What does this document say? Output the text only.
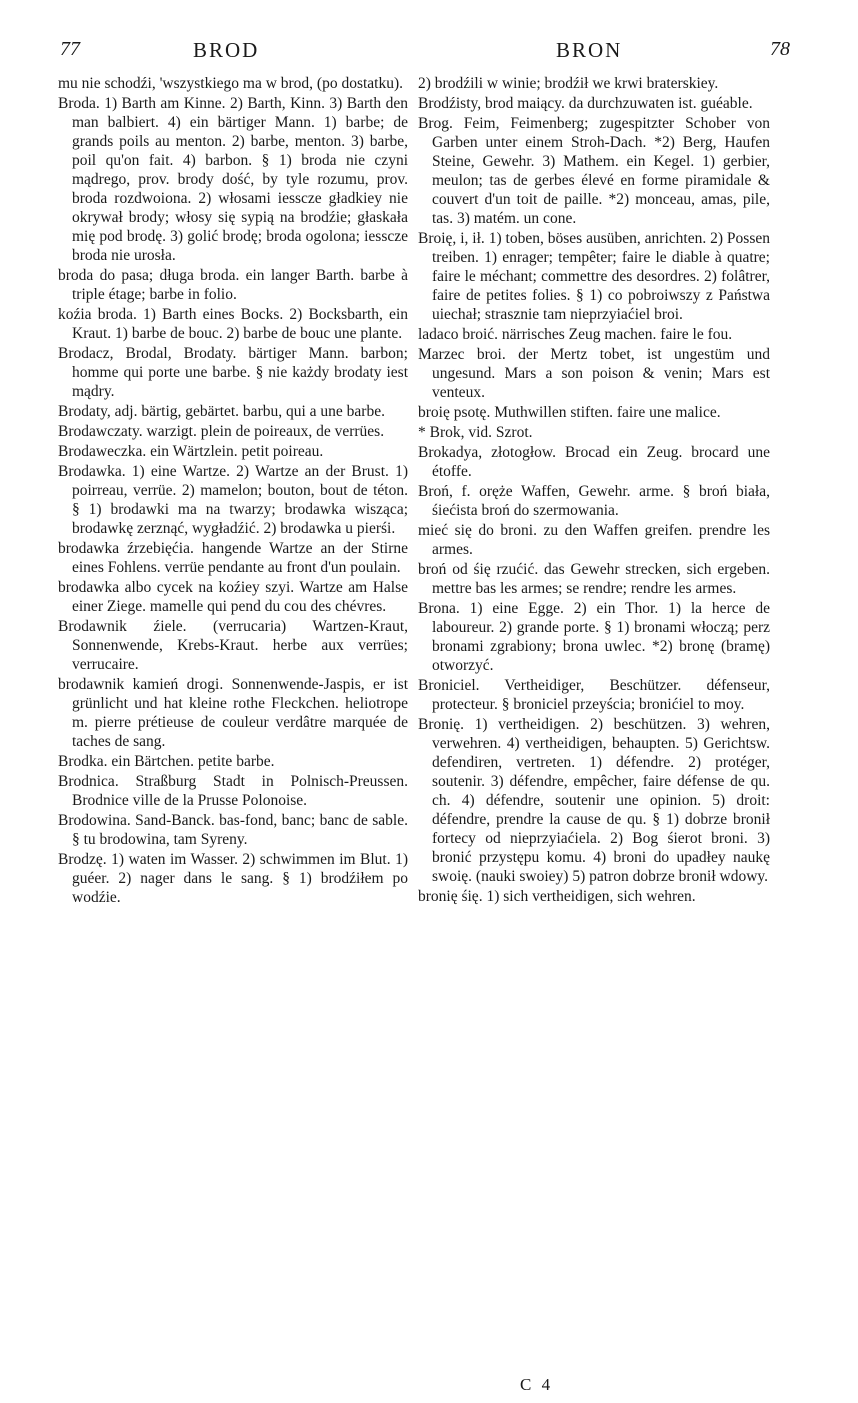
77	BROD	BRON	78

mu nie schodźi, 'wszystkiego ma w brod, (po dostatku).

Broda. 1) Barth am Kinne. 2) Barth, Kinn. 3) Barth den man balbiert. 4) ein bärtiger Mann. 1) barbe; de grands poils au menton. 2) barbe, menton. 3) barbe, poil qu'on fait. 4) barbon. § 1) broda nie czyni mądrego, prov. brody dość, by tyle rozumu, prov. broda rozdwoiona. 2) włosami iesscze gładkiey nie okrywał brody; włosy się sypią na brodźie; głaskała mię pod brodę. 3) golić brodę; broda ogolona; iesscze broda nie urosła.

broda do pasa; długa broda. ein langer Barth. barbe à triple étage; barbe in folio.

koźia broda. 1) Barth eines Bocks. 2) Bocksbarth, ein Kraut. 1) barbe de bouc. 2) barbe de bouc une plante.

Brodacz, Brodal, Brodaty. bärtiger Mann. barbon; homme qui porte une barbe. § nie każdy brodaty iest mądry.

Brodaty, adj. bärtig, gebärtet. barbu, qui a une barbe.

Brodawczaty. warzigt. plein de poireaux, de verrües.

Brodaweczka. ein Wärtzlein. petit poireau.

Brodawka. 1) eine Wartze. 2) Wartze an der Brust. 1) poirreau, verrüe. 2) mamelon; bouton, bout de téton. § 1) brodawki ma na twarzy; brodawka wisząca; brodawkę zerznąć, wygładźić. 2) brodawka u pierśi.

brodawka źrzebięćia. hangende Wartze an der Stirne eines Fohlens. verrüe pendante au front d'un poulain.

brodawka albo cycek na koźiey szyi. Wartze am Halse einer Ziege. mamelle qui pend du cou des chévres.

Brodawnik źiele. (verrucaria) Wartzen-Kraut, Sonnenwende, Krebs-Kraut. herbe aux verrües; verrucaire.

brodawnik kamień drogi. Sonnenwende-Jaspis, er ist grünlicht und hat kleine rothe Fleckchen. heliotrope m. pierre prétieuse de couleur verdâtre marquée de taches de sang.

Brodka. ein Bärtchen. petite barbe.

Brodnica. Straßburg Stadt in Polnisch-Preussen. Brodnice ville de la Prusse Polonoise.

Brodowina. Sand-Banck. bas-fond, banc; banc de sable. § tu brodowina, tam Syreny.

Brodzę. 1) waten im Wasser. 2) schwimmen im Blut. 1) guéer. 2) nager dans le sang. § 1) brodźiłem po wodźie.

2) brodźili w winie; brodźił we krwi braterskiey.

Brodźisty, brod maiący. da durchzuwaten ist. guéable.

Brog. Feim, Feimenberg; zugespitzter Schober von Garben unter einem Stroh-Dach. *2) Berg, Haufen Steine, Gewehr. 3) Mathem. ein Kegel. 1) gerbier, meulon; tas de gerbes élevé en forme piramidale & couvert d'un toit de paille. *2) monceau, amas, pile, tas. 3) matém. un cone.

Broię, i, ił. 1) toben, böses ausüben, anrichten. 2) Possen treiben. 1) enrager; tempêter; faire le diable à quatre; faire le méchant; commettre des desordres. 2) folâtrer, faire de petites folies. § 1) co pobroiwszy z Państwa uiechał; strasznie tam nieprzyiaćiel broi.

ladaco broić. närrisches Zeug machen. faire le fou.

Marzec broi. der Mertz tobet, ist ungestüm und ungesund. Mars a son poison & venin; Mars est venteux.

broię psotę. Muthwillen stiften. faire une malice.

* Brok, vid. Szrot.

Brokadya, złotogłow. Brocad ein Zeug. brocard une étoffe.

Broń, f. oręże Waffen, Gewehr. arme. § broń biała, śiećista broń do szermowania.

mieć się do broni. zu den Waffen greifen. prendre les armes.

broń od śię rzućić. das Gewehr strecken, sich ergeben. mettre bas les armes; se rendre; rendre les armes.

Brona. 1) eine Egge. 2) ein Thor. 1) la herce de laboureur. 2) grande porte. § 1) bronami włoczą; perz bronami zgrabiony; brona uwlec. *2) bronę (bramę) otworzyć.

Broniciel. Vertheidiger, Beschützer. défenseur, protecteur. § broniciel przeyścia; bronićiel to moy.

Bronię. 1) vertheidigen. 2) beschützen. 3) wehren, verwehren. 4) vertheidigen, behaupten. 5) Gerichtsw. defendiren, vertreten. 1) défendre. 2) protéger, soutenir. 3) défendre, empêcher, faire défense de qu. ch. 4) défendre, soutenir une opinion. 5) droit: défendre, prendre la cause de qu. § 1) dobrze bronił fortecy od nieprzyiaćiela. 2) Bog śierot broni. 3) bronić przystępu komu. 4) broni do upadłey naukę swoię. (nauki swoiey) 5) patron dobrze bronił wdowy.

bronię śię. 1) sich vertheidigen, sich wehren.

C 4
